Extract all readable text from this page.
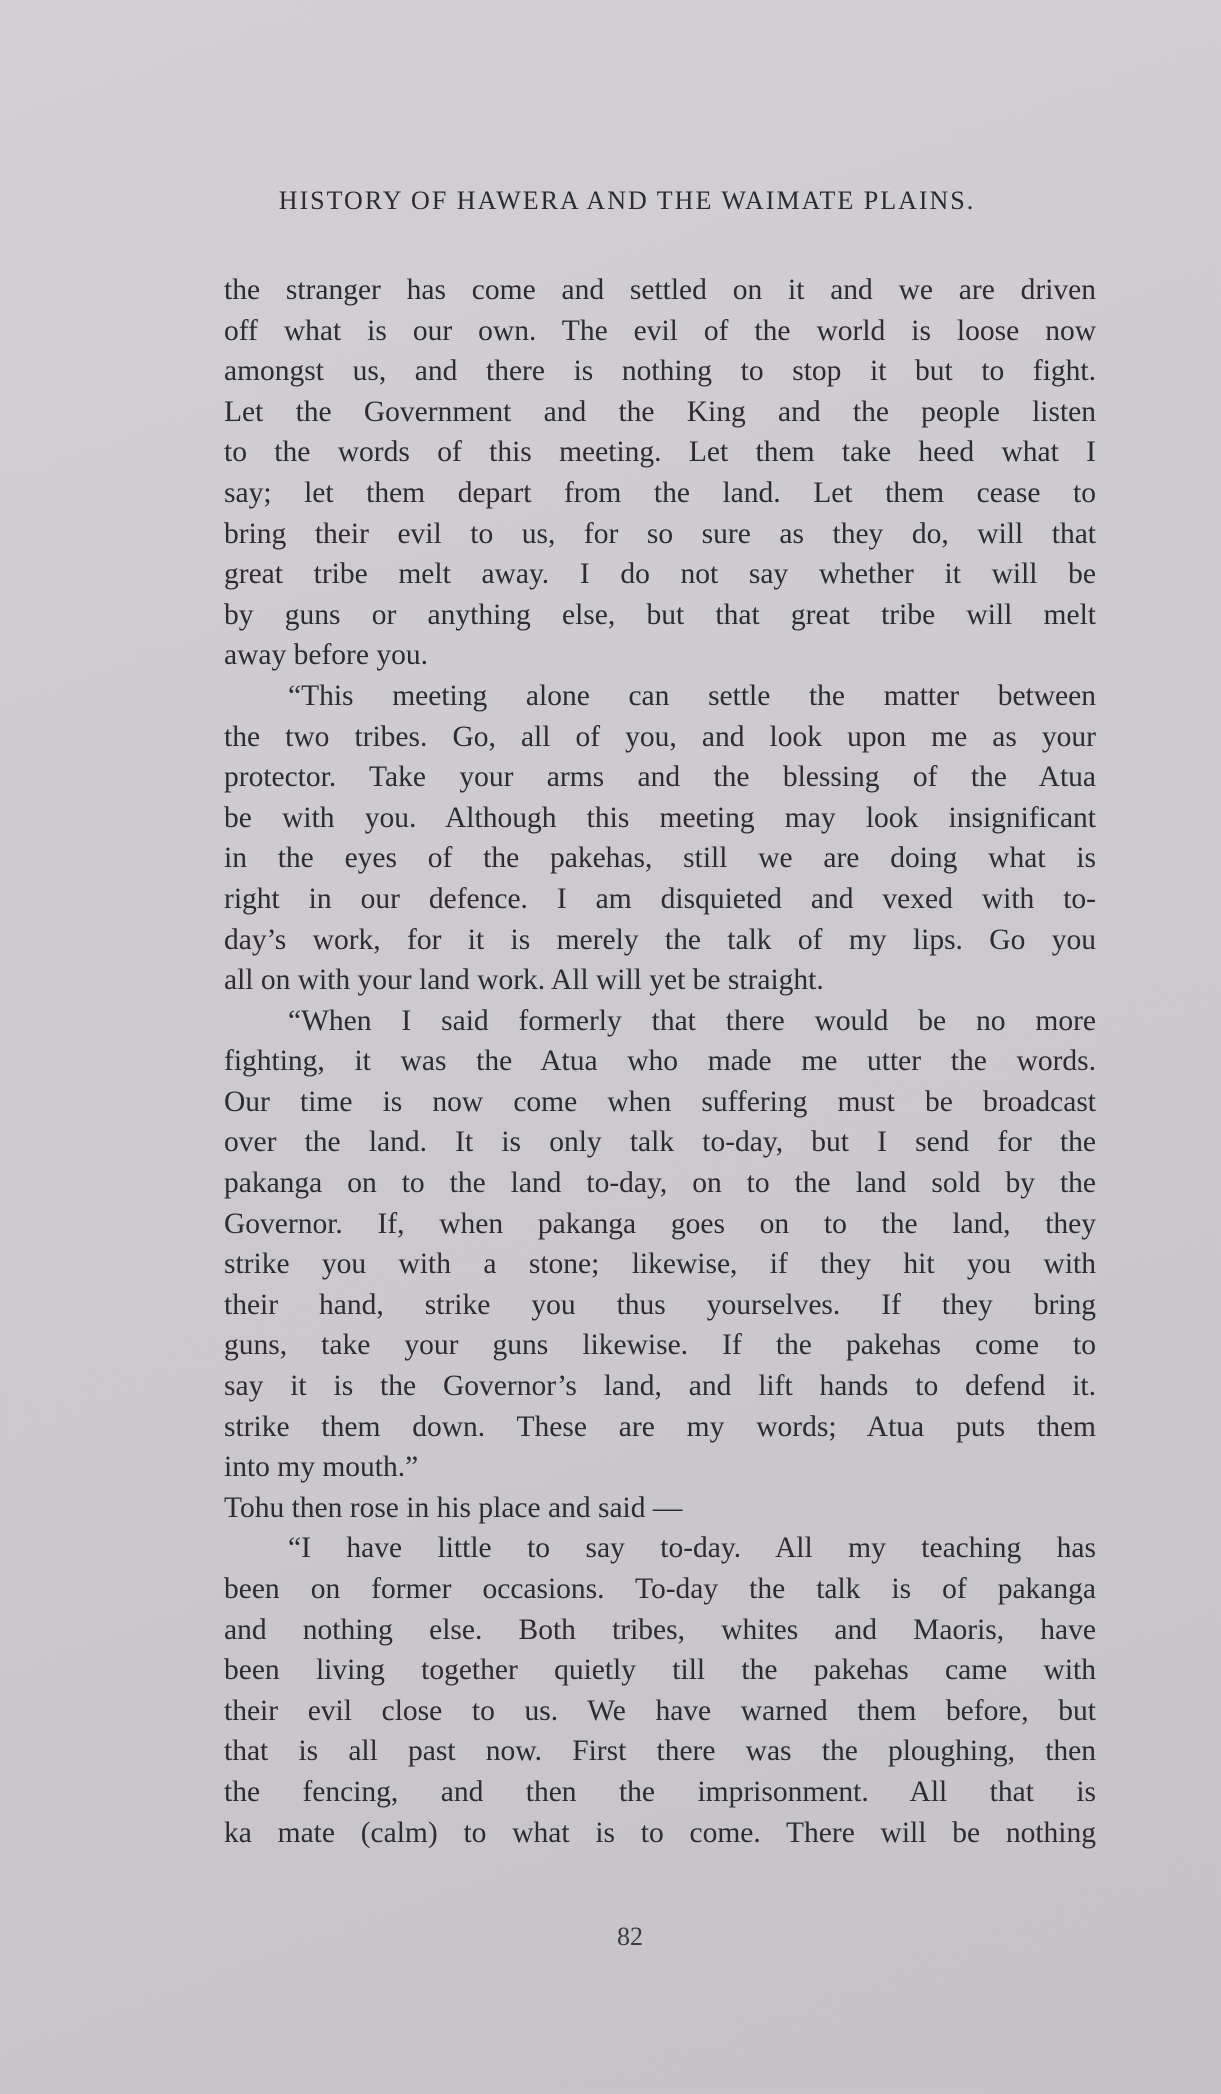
HISTORY OF HAWERA AND THE WAIMATE PLAINS.
the stranger has come and settled on it and we are driven
off what is our own. The evil of the world is loose now
amongst us, and there is nothing to stop it but to fight.
Let the Government and the King and the people listen
to the words of this meeting. Let them take heed what I
say; let them depart from the land. Let them cease to
bring their evil to us, for so sure as they do, will that
great tribe melt away. I do not say whether it will be
by guns or anything else, but that great tribe will melt
away before you.
“This meeting alone can settle the matter between
the two tribes. Go, all of you, and look upon me as your
protector. Take your arms and the blessing of the Atua
be with you. Although this meeting may look insignificant
in the eyes of the pakehas, still we are doing what is
right in our defence. I am disquieted and vexed with to-
day’s work, for it is merely the talk of my lips. Go you
all on with your land work. All will yet be straight.
“When I said formerly that there would be no more
fighting, it was the Atua who made me utter the words.
Our time is now come when suffering must be broadcast
over the land. It is only talk to-day, but I send for the
pakanga on to the land to-day, on to the land sold by the
Governor. If, when pakanga goes on to the land, they
strike you with a stone; likewise, if they hit you with
their hand, strike you thus yourselves. If they bring
guns, take your guns likewise. If the pakehas come to
say it is the Governor’s land, and lift hands to defend it.
strike them down. These are my words; Atua puts them
into my mouth.”
Tohu then rose in his place and said —
“I have little to say to-day. All my teaching has
been on former occasions. To-day the talk is of pakanga
and nothing else. Both tribes, whites and Maoris, have
been living together quietly till the pakehas came with
their evil close to us. We have warned them before, but
that is all past now. First there was the ploughing, then
the fencing, and then the imprisonment. All that is
ka mate (calm) to what is to come. There will be nothing
82
